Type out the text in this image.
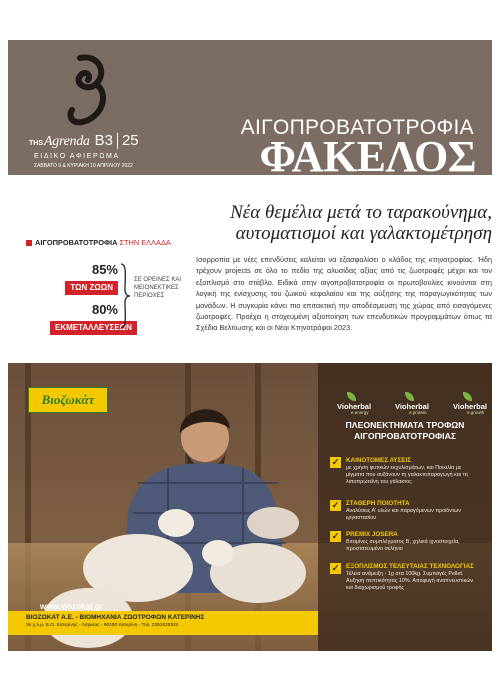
ТНS Agrenda B3 25
ΕΙΔΙΚΟ ΑΦΙΕΡΩΜΑ
ΣΑΒΒΑΤΟ 9 & ΚΥΡΙΑΚΗ 10 ΑΠΡΙΛΙΟΥ 2022
ΑΙΓΟΠΡΟΒΑΤΟΤΡΟΦΙΑ
ΦΑΚΕΛΟΣ
Νέα θεμέλια μετά το ταρακούνημα,
αυτοματισμοί και γαλακτομέτρηση
Ισορροπία με νέες επενδύσεις καλείται να εξασφαλίσει ο κλάδος της κτηνοτροφίας. Ήδη τρέχουν projects σε όλο το πεδίο της αλυσίδας αξίας από τις ζωοτροφές μέχρι και τον εξοπλισμό στο στάβλο. Ειδικά στην αιγοπροβατοτροφία οι πρωτοβουλίες κινούνται στη λογική της ενίσχυσης του ζωικού κεφαλαίου και της αύξησης της παραγωγικότητας των μονάδων. Η συγκυρία κάνει πιο επιτακτική την αποδέσμευση της χώρας από εισαγόμενες ζωοτροφές. Προέχει η στοχευμένη αξιοποίηση των επενδυτικών προγραμμάτων όπως τα Σχέδια Βελτίωσης και οι Νέοι Κτηνοτρόφοι 2023.
ΑΙΓΟΠΡΟΒΑΤΟΤΡΟΦΙΑ ΣΤΗΝ ΕΛΛΑΔΑ
85%
ΤΩΝ ΖΩΩΝ
80%
ΕΚΜΕΤΑΛΛΕΥΣΕΩΝ
ΣΕ ΟΡΕΙΝΕΣ ΚΑΙ ΜΕΙΟΝΕΚΤΙΚΕΣ ΠΕΡΙΟΧΕΣ
Βιοζωκάτ	Vioherbal
e.energy
Vioherbal
e.protein
Vioherbal
e.growth
ΠΛΕΟΝΕΚΤΗΜΑΤΑ ΤΡΟΦΩΝ ΑΙΓΟΠΡΟΒΑΤΟΤΡΟΦΙΑΣ
✓ ΚΑΙΝΟΤΟΜΕΣ ΛΥΣΕΙΣ
με χρήση φυτικών εκχυλισμάτων, και Ποικιλία με μίγματα που αυξάνουν τη γαλακτοπαραγωγή και τη λιποπρωτεΐνη του γάλακτος
✓ ΣΤΑΘΕΡΗ ΠΟΙΟΤΗΤΑ
Αναλύσεις Α' υλών και παραγόμενων προϊόντων εργαστασίου
✓ PREMIX JOSERA
Βιταμίνες συμπλέγματος Β, χηλικά ιχνοστοιχεία, προστατευμένο σελήνιο
✓ ΕΞΟΠΛΙΣΜΟΣ ΤΕΛΕΥΤΑΙΑΣ ΤΕΧΝΟΛΟΓΙΑΣ
Τέλεια ανάμειξη - 1g στα 100kg. Συμπαγές Pellet. Αυξηση πεπτικότητας 10%. Αποφυγή αναπνευστικών και διαχωρισμού τροφής
www.viozokat.gr
ΒΙΟΖΩΚΑΤ Α.Ε. - ΒΙΟΜΗΧΑΝΙΑ ΖΩΟΤΡΟΦΩΝ ΚΑΤΕΡΙΝΗΣ
3ο χ.λ.μ. Ε.Ο. Κατερίνης - Λάρισας - 60100 Κατερίνη - Τηλ. 2351025222
